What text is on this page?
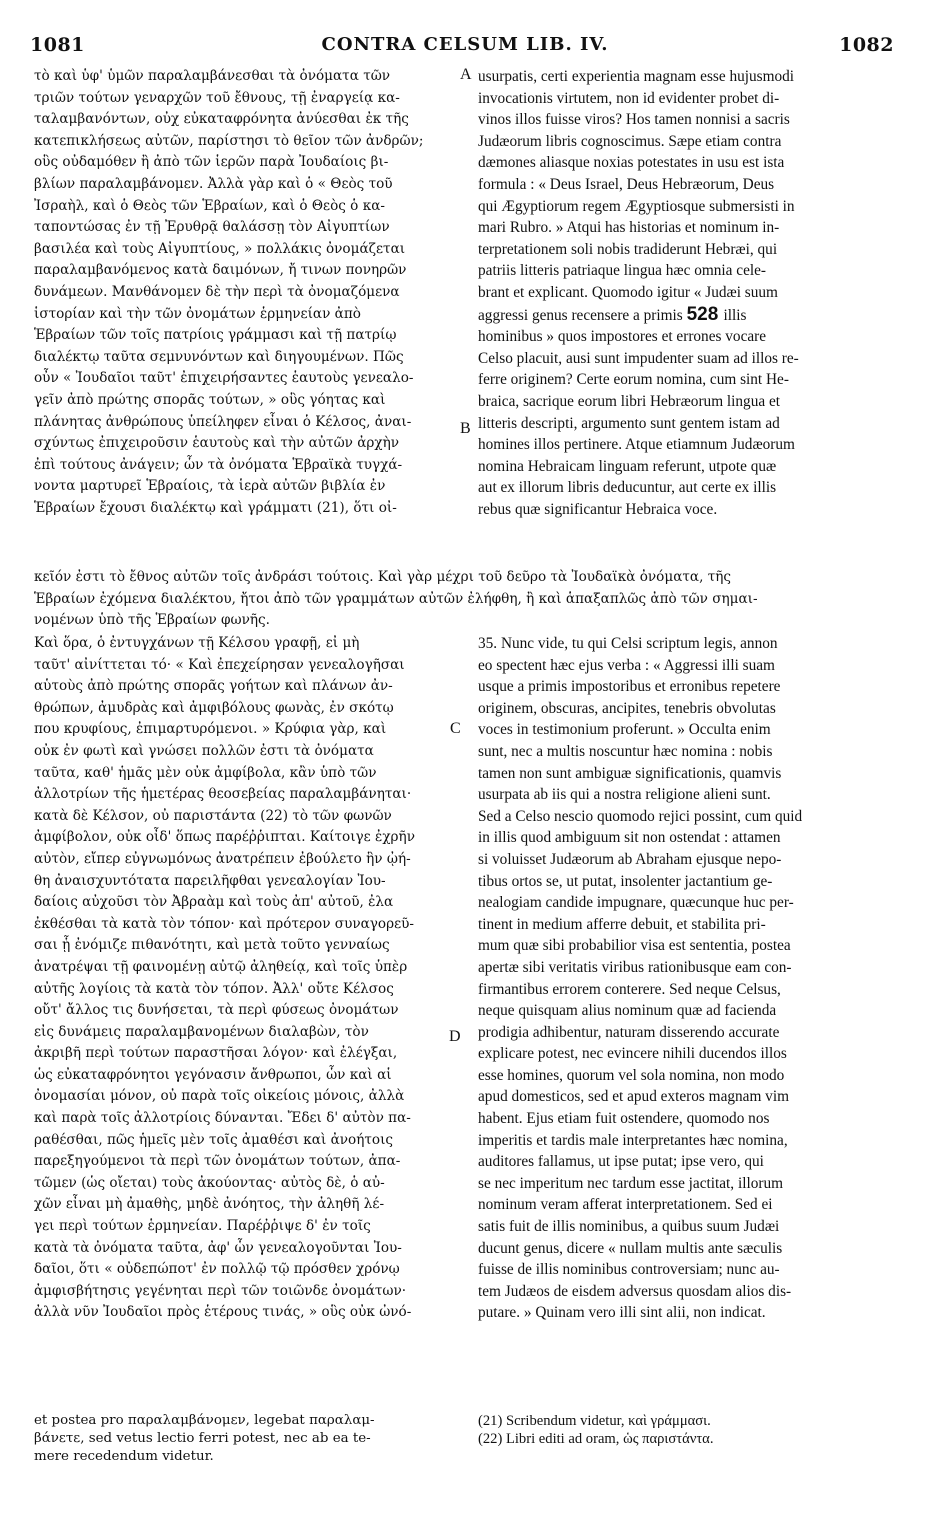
1081	CONTRA CELSUM LIB. IV.	1082
A
B
C
D
τὸ καὶ ὑφ' ὑμῶν παραλαμβάνεσθαι τὰ ὀνόματα τῶν
τριῶν τούτων γεναρχῶν τοῦ ἔθνους, τῇ ἐναργείᾳ κα-
ταλαμβανόντων, οὐχ εὐκαταφρόνητα ἀνύεσθαι ἐκ τῆς
κατεπικλήσεως αὐτῶν, παρίστησι τὸ θεῖον τῶν ἀνδρῶν;
οὓς οὐδαμόθεν ἢ ἀπὸ τῶν ἱερῶν παρὰ Ἰουδαίοις βι-
βλίων παραλαμβάνομεν. Ἀλλὰ γὰρ καὶ ὁ « Θεὸς τοῦ
Ἰσραὴλ, καὶ ὁ Θεὸς τῶν Ἑβραίων, καὶ ὁ Θεὸς ὁ κα-
ταποντώσας ἐν τῇ Ἐρυθρᾷ θαλάσσῃ τὸν Αἰγυπτίων
βασιλέα καὶ τοὺς Αἰγυπτίους, » πολλάκις ὀνομάζεται
παραλαμβανόμενος κατὰ δαιμόνων, ἤ τινων πονηρῶν
δυνάμεων. Μανθάνομεν δὲ τὴν περὶ τὰ ὀνομαζόμενα
ἱστορίαν καὶ τὴν τῶν ὀνομάτων ἑρμηνείαν ἀπὸ
Ἑβραίων τῶν τοῖς πατρίοις γράμμασι καὶ τῇ πατρίῳ
διαλέκτῳ ταῦτα σεμνυνόντων καὶ διηγουμένων. Πῶς
οὖν « Ἰουδαῖοι ταῦτ' ἐπιχειρήσαντες ἑαυτοὺς γενεαλο-
γεῖν ἀπὸ πρώτης σπορᾶς τούτων, » οὓς γόητας καὶ
πλάνητας ἀνθρώπους ὑπείληφεν εἶναι ὁ Κέλσος, ἀναι-
σχύντως ἐπιχειροῦσιν ἑαυτοὺς καὶ τὴν αὐτῶν ἀρχὴν
ἐπὶ τούτους ἀνάγειν; ὧν τὰ ὀνόματα Ἑβραϊκὰ τυγχά-
νοντα μαρτυρεῖ Ἑβραίοις, τὰ ἱερὰ αὐτῶν βιβλία ἐν
Ἑβραίων ἔχουσι διαλέκτῳ καὶ γράμματι (21), ὅτι οἰ-
usurpatis, certi experientia magnam esse hujusmodi
invocationis virtutem, non id evidenter probet di-
vinos illos fuisse viros? Hos tamen nonnisi a sacris
Judæorum libris cognoscimus. Sæpe etiam contra
dæmones aliasque noxias potestates in usu est ista
formula : « Deus Israel, Deus Hebræorum, Deus
qui Ægyptiorum regem Ægyptiosque submersisti in
mari Rubro. » Atqui has historias et nominum in-
terpretationem soli nobis tradiderunt Hebræi, qui
patriis litteris patriaque lingua hæc omnia cele-
brant et explicant. Quomodo igitur « Judæi suum
aggressi genus recensere a primis 528 illis
hominibus » quos impostores et errones vocare
Celso placuit, ausi sunt impudenter suam ad illos re-
ferre originem? Certe eorum nomina, cum sint He-
braica, sacrique eorum libri Hebræorum lingua et
litteris descripti, argumento sunt gentem istam ad
homines illos pertinere. Atque etiamnum Judæorum
nomina Hebraicam linguam referunt, utpote quæ
aut ex illorum libris deducuntur, aut certe ex illis
rebus quæ significantur Hebraica voce.
κεῖόν ἐστι τὸ ἔθνος αὐτῶν τοῖς ἀνδράσι τούτοις. Καὶ γὰρ μέχρι τοῦ δεῦρο τὰ Ἰουδαϊκὰ ὀνόματα, τῆς
Ἑβραίων ἐχόμενα διαλέκτου, ἤτοι ἀπὸ τῶν γραμμάτων αὐτῶν ἐλήφθη, ἢ καὶ ἁπαξαπλῶς ἀπὸ τῶν σημαι-
νομένων ὑπὸ τῆς Ἑβραίων φωνῆς.
Καὶ ὅρα, ὁ ἐντυγχάνων τῇ Κέλσου γραφῇ, εἰ μὴ
ταῦτ' αἰνίττεται τό· « Καὶ ἐπεχείρησαν γενεαλογῆσαι
αὑτοὺς ἀπὸ πρώτης σπορᾶς γοήτων καὶ πλάνων ἀν-
θρώπων, ἀμυδρὰς καὶ ἀμφιβόλους φωνὰς, ἐν σκότῳ
που κρυφίους, ἐπιμαρτυρόμενοι. » Κρύφια γὰρ, καὶ
οὐκ ἐν φωτὶ καὶ γνώσει πολλῶν ἐστι τὰ ὀνόματα
ταῦτα, καθ' ἡμᾶς μὲν οὐκ ἀμφίβολα, κἂν ὑπὸ τῶν
ἀλλοτρίων τῆς ἡμετέρας θεοσεβείας παραλαμβάνηται·
κατὰ δὲ Κέλσον, οὐ παριστάντα (22) τὸ τῶν φωνῶν
ἀμφίβολον, οὐκ οἶδ' ὅπως παρέῤῥιπται. Καίτοιγε ἐχρῆν
αὐτὸν, εἴπερ εὐγνωμόνως ἀνατρέπειν ἐβούλετο ἣν ᾠή-
θη ἀναισχυντότατα παρειλῆφθαι γενεαλογίαν Ἰου-
δαίοις αὐχοῦσι τὸν Ἀβραὰμ καὶ τοὺς ἀπ' αὐτοῦ, ἐλα
ἐκθέσθαι τὰ κατὰ τὸν τόπον· καὶ πρότερον συναγορεῦ-
σαι ᾗ ἐνόμιζε πιθανότητι, καὶ μετὰ τοῦτο γενναίως
ἀνατρέψαι τῇ φαινομένῃ αὐτῷ ἀληθείᾳ, καὶ τοῖς ὑπὲρ
αὐτῆς λογίοις τὰ κατὰ τὸν τόπον. Ἀλλ' οὔτε Κέλσος
οὔτ' ἄλλος τις δυνήσεται, τὰ περὶ φύσεως ὀνομάτων
εἰς δυνάμεις παραλαμβανομένων διαλαβὼν, τὸν
ἀκριβῆ περὶ τούτων παραστῆσαι λόγον· καὶ ἐλέγξαι,
ὡς εὐκαταφρόνητοι γεγόνασιν ἄνθρωποι, ὧν καὶ αἱ
ὀνομασίαι μόνον, οὐ παρὰ τοῖς οἰκείοις μόνοις, ἀλλὰ
καὶ παρὰ τοῖς ἀλλοτρίοις δύνανται. Ἔδει δ' αὐτὸν πα-
ραθέσθαι, πῶς ἡμεῖς μὲν τοῖς ἀμαθέσι καὶ ἀνοήτοις
παρεξηγούμενοι τὰ περὶ τῶν ὀνομάτων τούτων, ἀπα-
τῶμεν (ὡς οἴεται) τοὺς ἀκούοντας· αὐτὸς δὲ, ὁ αὐ-
χῶν εἶναι μὴ ἀμαθὴς, μηδὲ ἀνόητος, τὴν ἀληθῆ λέ-
γει περὶ τούτων ἑρμηνείαν. Παρέῤῥιψε δ' ἐν τοῖς
κατὰ τὰ ὀνόματα ταῦτα, ἀφ' ὧν γενεαλογοῦνται Ἰου-
δαῖοι, ὅτι « οὐδεπώποτ' ἐν πολλῷ τῷ πρόσθεν χρόνῳ
ἀμφισβήτησις γεγένηται περὶ τῶν τοιῶνδε ὀνομάτων·
ἀλλὰ νῦν Ἰουδαῖοι πρὸς ἑτέρους τινάς, » οὓς οὐκ ὠνό-
35. Nunc vide, tu qui Celsi scriptum legis, annon
eo spectent hæc ejus verba : « Aggressi illi suam
usque a primis impostoribus et erronibus repetere
originem, obscuras, ancipites, tenebris obvolutas
voces in testimonium proferunt. » Occulta enim
sunt, nec a multis noscuntur hæc nomina : nobis
tamen non sunt ambiguæ significationis, quamvis
usurpata ab iis qui a nostra religione alieni sunt.
Sed a Celso nescio quomodo rejici possint, cum quid
in illis quod ambiguum sit non ostendat : attamen
si voluisset Judæorum ab Abraham ejusque nepo-
tibus ortos se, ut putat, insolenter jactantium ge-
nealogiam candide impugnare, quæcunque huc per-
tinent in medium afferre debuit, et stabilita pri-
mum quæ sibi probabilior visa est sententia, postea
apertæ sibi veritatis viribus rationibusque eam con-
firmantibus errorem conterere. Sed neque Celsus,
neque quisquam alius nominum quæ ad facienda
prodigia adhibentur, naturam disserendo accurate
explicare potest, nec evincere nihili ducendos illos
esse homines, quorum vel sola nomina, non modo
apud domesticos, sed et apud exteros magnam vim
habent. Ejus etiam fuit ostendere, quomodo nos
imperitis et tardis male interpretantes hæc nomina,
auditores fallamus, ut ipse putat; ipse vero, qui
se nec imperitum nec tardum esse jactitat, illorum
nominum veram afferat interpretationem. Sed ei
satis fuit de illis nominibus, a quibus suum Judæi
ducunt genus, dicere « nullam multis ante sæculis
fuisse de illis nominibus controversiam; nunc au-
tem Judæos de eisdem adversus quosdam alios dis-
putare. » Quinam vero illi sint alii, non indicat.
et postea pro παραλαμβάνομεν, legebat παραλαμ-
βάνετε, sed vetus lectio ferri potest, nec ab ea te-
mere recedendum videtur.
(21) Scribendum videtur, καὶ γράμμασι.
(22) Libri editi ad oram, ὡς παριστάντα.
